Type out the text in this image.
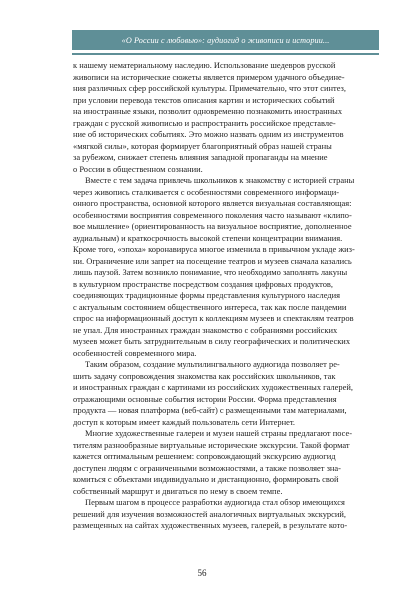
«О России с любовью»: аудиогид о живописи и истории...
к нашему нематериальному наследию. Использование шедевров русской
живописи на исторические сюжеты является примером удачного объедине-
ния различных сфер российской культуры. Примечательно, что этот синтез,
при условии перевода текстов описания картин и исторических событий
на иностранные языки, позволит одновременно познакомить иностранных
граждан с русской живописью и распространить российское представле-
ние об исторических событиях. Это можно назвать одним из инструментов
«мягкой силы», которая формирует благоприятный образ нашей страны
за рубежом, снижает степень влияния западной пропаганды на мнение
о России в общественном сознании.
Вместе с тем задача привлечь школьников к знакомству с историей страны
через живопись сталкивается с особенностями современного информаци-
онного пространства, основной которого является визуальная составляющая:
особенностями восприятия современного поколения часто называют «клипо-
вое мышление» (ориентированность на визуальное восприятие, дополненное
аудиальным) и краткосрочность высокой степени концентрации внимания.
Кроме того, «эпоха» коронавируса многое изменила в привычном укладе жиз-
ни. Ограничение или запрет на посещение театров и музеев сначала казались
лишь паузой. Затем возникло понимание, что необходимо заполнять лакуны
в культурном пространстве посредством создания цифровых продуктов,
соединяющих традиционные формы представления культурного наследия
с актуальным состоянием общественного интереса, так как после пандемии
спрос на информационный доступ к коллекциям музеев и спектаклям театров
не упал. Для иностранных граждан знакомство с собраниями российских
музеев может быть затруднительным в силу географических и политических
особенностей современного мира.
Таким образом, создание мультилингвального аудиогида позволяет ре-
шить задачу сопровождения знакомства как российских школьников, так
и иностранных граждан с картинами из российских художественных галерей,
отражающими основные события истории России. Форма представления
продукта — новая платформа (веб-сайт) с размещенными там материалами,
доступ к которым имеет каждый пользователь сети Интернет.
Многие художественные галереи и музеи нашей страны предлагают посе-
тителям разнообразные виртуальные исторические экскурсии. Такой формат
кажется оптимальным решением: сопровождающий экскурсию аудиогид
доступен людям с ограниченными возможностями, а также позволяет зна-
комиться с объектами индивидуально и дистанционно, формировать свой
собственный маршрут и двигаться по нему в своем темпе.
Первым шагом в процессе разработки аудиогида стал обзор имеющихся
решений для изучения возможностей аналогичных виртуальных экскурсий,
размещенных на сайтах художественных музеев, галерей, в результате кото-
56
